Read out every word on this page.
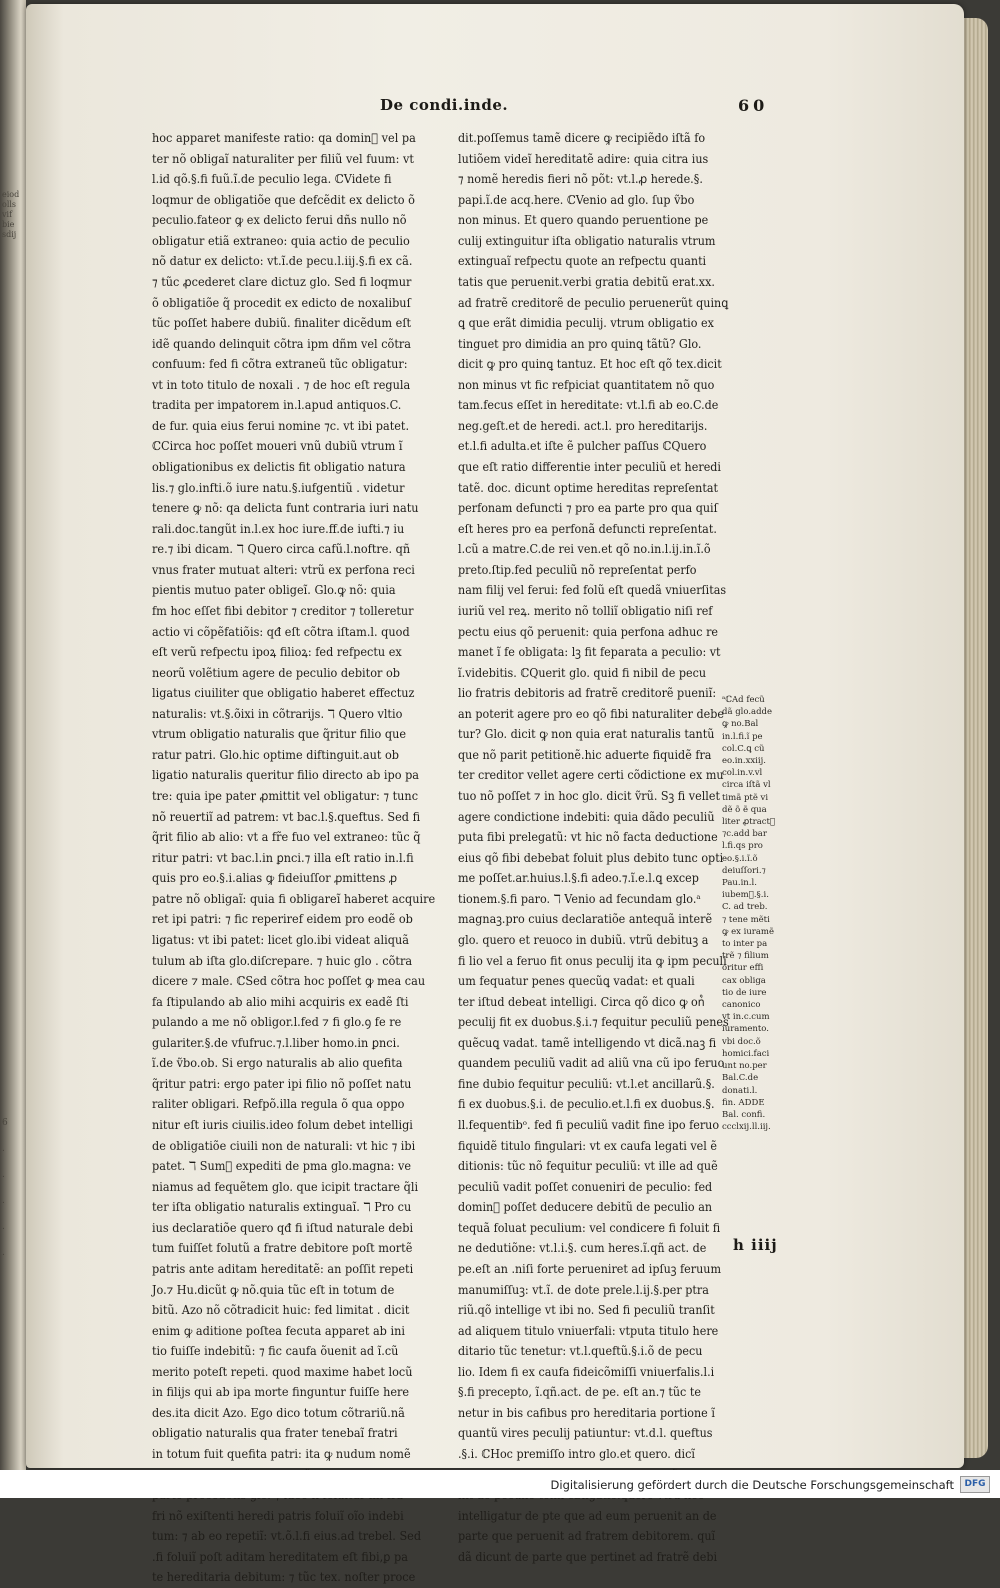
eiod
olls
vif
bie
sdij
6
.
.
.
.
.
De condi.inde.	60
hoc apparet manifeste ratio: qa domin᷒ vel pa
ter nõ obligaĩ naturaliter per filiũ vel fuum: vt
l.id qõ.§.fi fuũ.ĩ.de peculio lega. ℂVidete fi
loqmur de obligatiõe que defcẽdit ex delicto õ
peculio.fateor ꝙ ex delicto ferui dñs nullo nõ
obligatur etiã extraneo: quia actio de peculio
nõ datur ex delicto: vt.ĩ.de pecu.l.iij.§.fi ex cã.
⁊ tũc ꝓcederet clare dictuz glo. Sed fi loqmur
õ obligatiõe q̃ procedit ex edicto de noxalibuſ
tũc poſſet habere dubiũ. finaliter dicẽdum eſt
idẽ quando delinquit cõtra ipm dñm vel cõtra
confuum: fed fi cõtra extraneũ tũc obligatur:
vt in toto titulo de noxali . ⁊ de hoc eſt regula
tradita per impatorem in.l.apud antiquos.C.
de fur. quia eius ferui nomine ⁊c. vt ibi patet.
ℂCirca hoc poſſet moueri vnũ dubiũ vtrum ĩ
obligationibus ex delictis fit obligatio natura
lis.⁊ glo.infti.õ iure natu.§.iufgentiũ . videtur
tenere ꝙ nõ: qa delicta funt contraria iuri natu
rali.doc.tangũt in.l.ex hoc iure.ff.de iufti.⁊ iu
re.⁊ ibi dicam. ℸ Quero circa cafũ.l.noftre. qñ
vnus frater mutuat alteri: vtrũ ex perfona reci
pientis mutuo pater obligeĩ. Glo.ꝙ nõ: quia
fm hoc eſſet fibi debitor ⁊ creditor ⁊ tolleretur
actio vi cõpẽfatiõis: qđ eſt cõtra iſtam.l. quod
eſt verũ refpectu ipoꝝ filioꝝ: fed refpectu ex
neorũ volẽtium agere de peculio debitor ob
ligatus ciuiliter que obligatio haberet effectuz
naturalis: vt.§.õixi in cõtrarijs. ℸ Quero vltio
vtrum obligatio naturalis que q̃ritur filio que
ratur patri. Glo.hic optime diftinguit.aut ob
ligatio naturalis queritur filio directo ab ipo pa
tre: quia ipe pater ꝓmittit vel obligatur: ⁊ tunc
nõ reuertiĩ ad patrem: vt bac.l.§.queftus. Sed fi
q̃rit filio ab alio: vt a fr̃e fuo vel extraneo: tũc q̃
ritur patri: vt bac.l.in ꝑnci.⁊ illa eſt ratio in.l.fi
quis pro eo.§.i.alias ꝙ fideiuſſor ꝓmittens ꝓ
patre nõ obligaĩ: quia fi obligareĩ haberet acquire
ret ipi patri: ⁊ fic reperiref eidem pro eodẽ ob
ligatus: vt ibi patet: licet glo.ibi videat aliquã
tulum ab iſta glo.diſcrepare. ⁊ huic glo . cõtra
dicere ⁊ male. ℂSed cõtra hoc poſſet ꝙ mea cau
fa ſtipulando ab alio mihi acquiris ex eadẽ ſti
pulando a me nõ obligor.l.fed ⁊ fi glo.ꝯ fe re
gulariter.§.de vfufruc.⁊.l.liber homo.in ꝑnci.
ĩ.de ṽbo.ob. Si ergo naturalis ab alio quefita
q̃ritur patri: ergo pater ipi filio nõ poſſet natu
raliter obligari. Refpõ.illa regula õ qua oppo
nitur eſt iuris ciuilis.ideo folum debet intelligi
de obligatiõe ciuili non de naturali: vt hic ⁊ ibi
patet. ℸ Sum᷒ expediti de pma glo.magna: ve
niamus ad fequẽtem glo. que icipit tractare q̃li
ter iſta obligatio naturalis extinguaĩ. ℸ Pro cu
ius declaratiõe quero qđ fi iſtud naturale debi
tum fuiſſet folutũ a fratre debitore poſt mortẽ
patris ante aditam hereditatẽ: an poſſit repeti
Jo.⁊ Hu.dicũt ꝙ nõ.quia tũc eſt in totum de
bitũ. Azo nõ cõtradicit huic: fed limitat . dicit
enim ꝙ aditione poſtea fecuta apparet ab ini
tio fuiſſe indebitũ: ⁊ fic caufa õuenit ad ĩ.cũ
merito poteſt repeti. quod maxime habet locũ
in filijs qui ab ipa morte finguntur fuiſſe here
des.ita dicit Azo. Ego dico totum cõtrariũ.nã
obligatio naturalis qua frater tenebaĩ fratri
in totum fuit quefita patri: ita ꝙ nudum nomẽ
fri nõ exiſtenti heredi patris foluiĩ oĩo indebi
tum: ⁊ ab eo repetiĩ: vt.õ.l.fi eius.ad trebel. Sed
.fi foluiĩ poſt aditam hereditatem eſt fibi,ꝑ pa
te hereditaria debitum: ⁊ tũc tex. noſter proce
dit.poſſemus tamẽ dicere ꝙ recipiẽdo iſtã fo
lutiõem videĩ hereditatẽ adire: quia citra ius
⁊ nomẽ heredis fieri nõ põt: vt.l.ꝓ herede.§.
papi.ĩ.de acq.here. ℂVenio ad glo. ſup ṽbo
non minus. Et quero quando peruentione pe
culij extinguitur iſta obligatio naturalis vtrum
extinguaĩ refpectu quote an refpectu quanti
tatis que peruenit.verbi gratia debitũ erat.xx.
ad fratrẽ creditorẽ de peculio peruenerũt quinꝗ
ꝗ que erãt dimidia peculij. vtrum obligatio ex
tinguet pro dimidia an pro quinꝗ tãtũ? Glo.
dicit ꝙ pro quinꝗ tantuz. Et hoc eſt qõ tex.dicit
non minus vt fic refpiciat quantitatem nõ quo
tam.fecus eſſet in hereditate: vt.l.fi ab eo.C.de
neg.geſt.et de heredi. act.l. pro hereditarijs.
et.l.fi adulta.et iſte ẽ pulcher paſſus ℂQuero
que eſt ratio differentie inter peculiũ et heredi
tatẽ. doc. dicunt optime hereditas repreſentat
perfonam defuncti ⁊ pro ea parte pro qua quiſ
eſt heres pro ea perfonã defuncti repreſentat.
l.cũ a matre.C.de rei ven.et qõ no.in.l.ij.in.ĩ.õ
preto.ſtip.fed peculiũ nõ repreſentat perfo
nam filij vel ferui: fed folũ eſt quedã vniuerſitas
iuriũ vel reꝝ. merito nõ tolliĩ obligatio niſi ref
pectu eius qõ peruenit: quia perfona adhuc re
manet ĩ fe obligata: lꝫ fit feparata a peculio: vt
ĩ.videbitis. ℂQuerit glo. quid fi nibil de pecu
lio fratris debitoris ad fratrẽ creditorẽ pueniĩ:
an poterit agere pro eo qõ fibi naturaliter debe
tur? Glo. dicit ꝙ non quia erat naturalis tantũ
que nõ parit petitionẽ.hic aduerte fiquidẽ fra
ter creditor vellet agere certi cõdictione ex mu
tuo nõ poſſet ⁊ in hoc glo. dicit ṽrũ. Sꝫ fi vellet
agere condictione indebiti: quia dãdo peculiũ
puta fibi prelegatũ: vt hic nõ facta deductione
eius qõ fibi debebat foluit plus debito tunc opti
me poſſet.ar.huius.l.§.fi adeo.⁊.ĩ.e.l.ꝗ excep
tionem.§.fi paro. ℸ Venio ad fecundam glo.ᵃ
magnaꝫ.pro cuius declaratiõe antequã interẽ
glo. quero et reuoco in dubiũ. vtrũ debituꝫ a
fi lio vel a feruo fit onus peculij ita ꝙ ipm peculi
um fequatur penes quecũꝗ vadat: et quali
ter iſtud debeat intelligi. Circa qõ dico ꝙ on᷒
peculij fit ex duobus.§.i.⁊ fequitur peculiũ penes
quẽcuꝗ vadat. tamẽ intelligendo vt dicã.naꝫ fi
quandem peculiũ vadit ad aliũ vna cũ ipo feruo
fine dubio fequitur peculiũ: vt.l.et ancillarũ.§.
fi ex duobus.§.i. de peculio.et.l.fi ex duobus.§.
ll.fequentibᵒ. fed fi peculiũ vadit fine ipo feruo
fiquidẽ titulo fingulari: vt ex caufa legati vel ẽ
ditionis: tũc nõ fequitur peculiũ: vt ille ad quẽ
peculiũ vadit poſſet conueniri de peculio: fed
domin᷒ poſſet deducere debitũ de peculio an
tequã foluat peculium: vel condicere fi foluit fi
ne dedutiõne: vt.l.i.§. cum heres.ĩ.qñ act. de
pe.eſt an .niſi forte perueniret ad ipſuꝫ feruum
manumiſſuꝫ: vt.ĩ. de dote prele.l.ij.§.per ptra
riũ.qõ intellige vt ibi no. Sed fi peculiũ tranſit
ad aliquem titulo vniuerfali: vtputa titulo here
ditario tũc tenetur: vt.l.queftũ.§.i.õ de pecu
lio. Idem fi ex caufa fideicõmiſſi vniuerfalis.l.i
§.fi precepto, ĩ.qñ.act. de pe. eſt an.⁊ tũc te
netur in bis cafibus pro hereditaria portione ĩ
quantũ vires peculij patiuntur: vt.d.l. queftus
.§.i. ℂHoc premiſſo intro glo.et quero. dicĩ
intelligatur de pte que ad eum peruenit an de
parte que peruenit ad fratrem debitorem. quĩ
dã dicunt de parte que pertinet ad fratrẽ debi
ᵃℂAd fecũ
dã glo.adde
ꝙ no.Bal
in.l.fi.ĩ pe
col.C.ꝗ cũ
eo.in.xxiij.
col.in.v.vl
circa iſtã vl
timã ptẽ vi
dẽ õ ẽ qua
liter ꝓtract᷒
⁊c.add bar
l.fi.qs pro
eo.§.i.ĩ.õ
deiuſſori.⁊
Pau.in.l.
iubem᷒.§.i.
C. ad treb.
⁊ tene mẽti
ꝙ ex iuramẽ
to inter pa
trẽ ⁊ filium
oritur effi
cax obliga
tio de iure
canonico
vt in.c.cum
iuramento.
vbi doc.õ
homici.faci
unt no.per
Bal.C.de
donati.l.
fin. ADDE
Bal. confi.
ccclxij.ll.iij.
h iiij
Digitalisierung gefördert durch die Deutsche Forschungsgemeinschaft	DFG
